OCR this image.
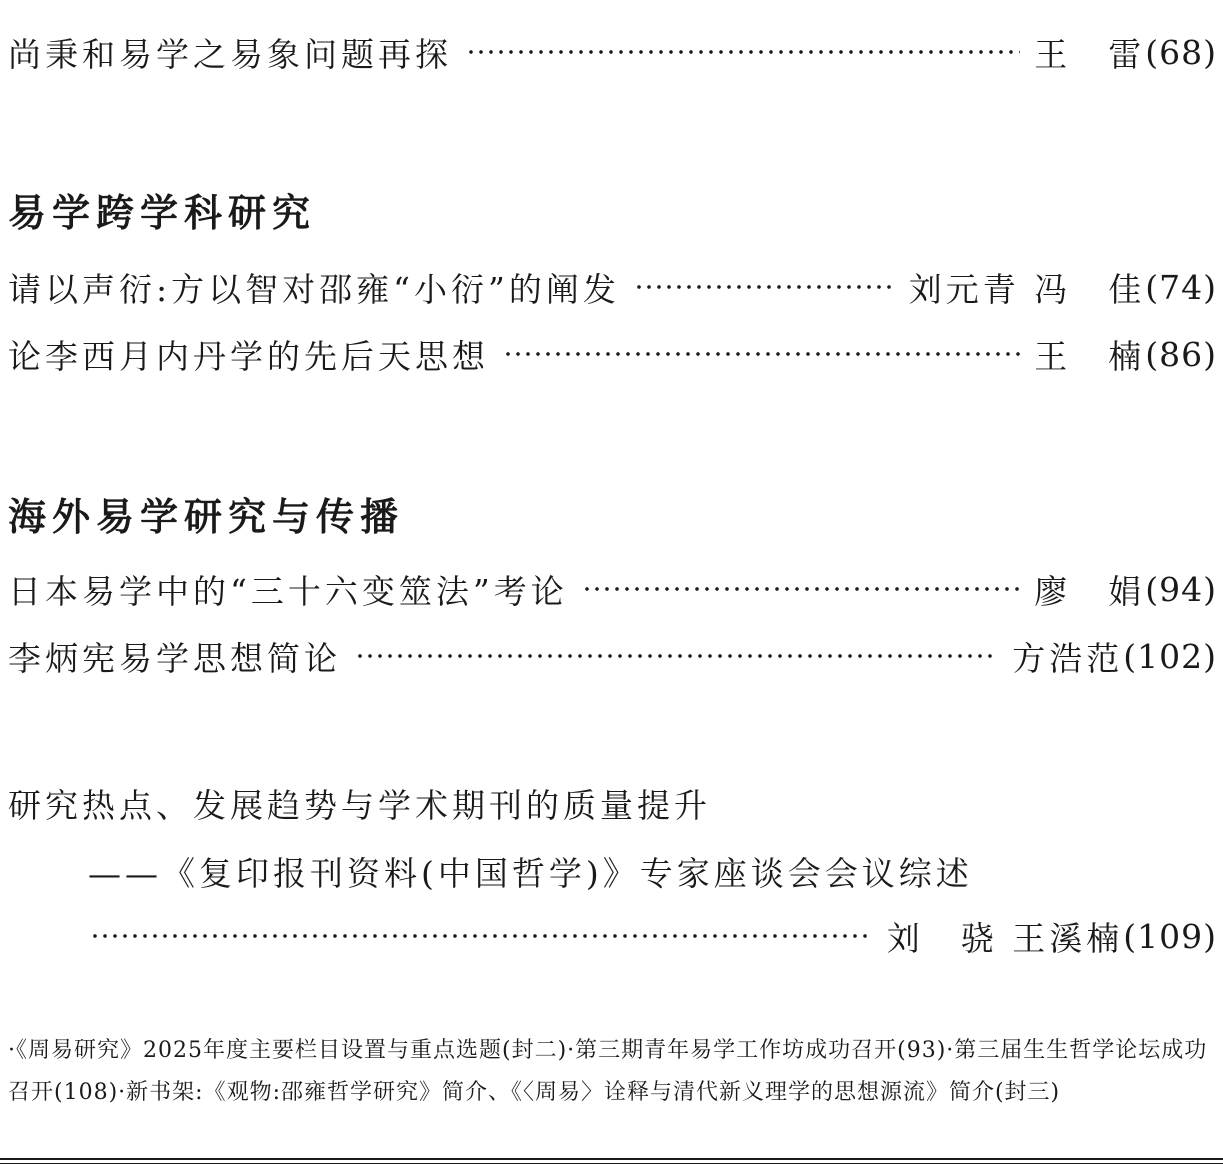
尚秉和易学之易象问题再探	王　雷 (68)
易学跨学科研究
请以声衍:方以智对邵雍“小衍”的阐发	刘元青 冯　佳 (74)
论李西月内丹学的先后天思想	王　楠 (86)
海外易学研究与传播
日本易学中的“三十六变筮法”考论	廖　娟 (94)
李炳宪易学思想简论	方浩范 (102)
研究热点、发展趋势与学术期刊的质量提升
——《复印报刊资料(中国哲学)》专家座谈会会议综述
刘　骁 王溪楠 (109)
·《周易研究》2025年度主要栏目设置与重点选题(封二)·第三期青年易学工作坊成功召开(93)·第三届生生哲学论坛成功召开(108)·新书架:《观物:邵雍哲学研究》简介、《〈周易〉诠释与清代新义理学的思想源流》简介(封三)
